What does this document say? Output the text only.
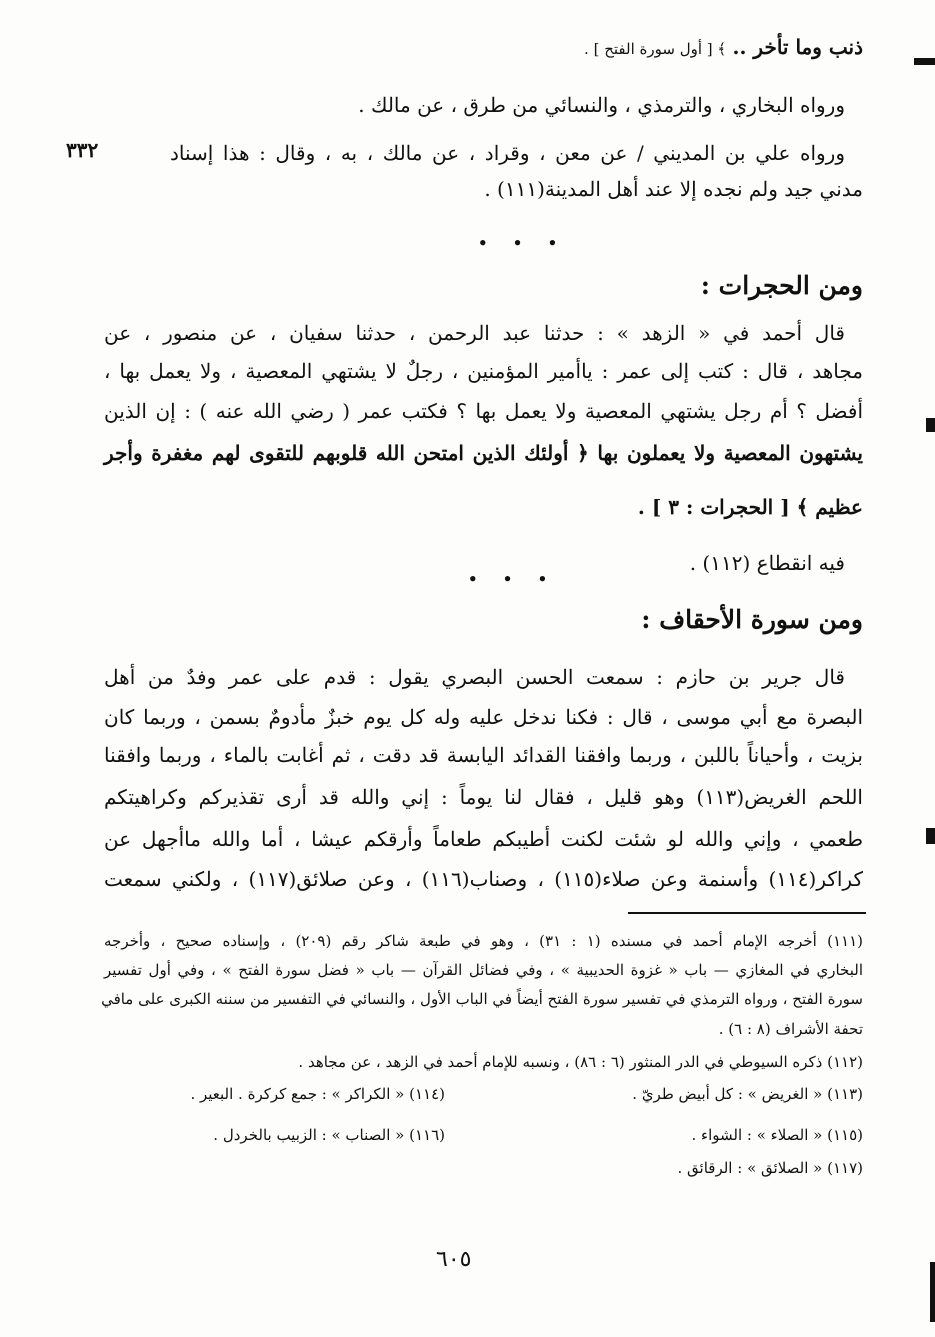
ذنب وما تأخر .. ﴾ [ أول سورة الفتح ] .
ورواه البخاري ، والترمذي ، والنسائي من طرق ، عن مالك .
ورواه علي بن المديني / عن معن ، وقراد ، عن مالك ، به ، وقال : هذا إسناد
٣٣٢
مدني جيد ولم نجده إلا عند أهل المدينة(١١١) .
• • •
ومن الحجرات :
قال أحمد في « الزهد » : حدثنا عبد الرحمن ، حدثنا سفيان ، عن منصور ، عن
مجاهد ، قال : كتب إلى عمر : ياأمير المؤمنين ، رجلٌ لا يشتهي المعصية ، ولا يعمل بها ،
أفضل ؟ أم رجل يشتهي المعصية ولا يعمل بها ؟ فكتب عمر ( رضي الله عنه ) : إن الذين
يشتهون المعصية ولا يعملون بها ﴿ أولئك الذين امتحن الله قلوبهم للتقوى لهم مغفرة وأجر
عظيم ﴾ [ الحجرات : ٣ ] .
فيه انقطاع (١١٢) .
• • •
ومن سورة الأحقاف :
قال جرير بن حازم : سمعت الحسن البصري يقول : قدم على عمر وفدٌ من أهل
البصرة مع أبي موسى ، قال : فكنا ندخل عليه وله كل يوم خبزٌ مأدومٌ بسمن ، وربما كان
بزيت ، وأحياناً باللبن ، وربما وافقنا القدائد اليابسة قد دقت ، ثم أغابت بالماء ، وربما وافقنا
اللحم الغريض(١١٣) وهو قليل ، فقال لنا يوماً : إني والله قد أرى تقذيركم وكراهيتكم
طعمي ، وإني والله لو شئت لكنت أطيبكم طعاماً وأرقكم عيشا ، أما والله ماأجهل عن
كراكر(١١٤) وأسنمة وعن صلاء(١١٥) ، وصناب(١١٦) ، وعن صلائق(١١٧) ، ولكني سمعت
(١١١) أخرجه الإمام أحمد في مسنده (١ : ٣١) ، وهو في طبعة شاكر رقم (٢٠٩) ، وإسناده صحيح ، وأخرجه
البخاري في المغازي — باب « غزوة الحديبية » ، وفي فضائل القرآن — باب « فضل سورة الفتح » ، وفي أول تفسير
سورة الفتح ، ورواه الترمذي في تفسير سورة الفتح أيضاً في الباب الأول ، والنسائي في التفسير من سننه الكبرى على مافي
تحفة الأشراف (٨ : ٦) .
(١١٢) ذكره السيوطي في الدر المنثور (٦ : ٨٦) ، ونسبه للإمام أحمد في الزهد ، عن مجاهد .
(١١٣) « الغريض » : كل أبيض طريّ .
(١١٤) « الكراكر » : جمع كركرة . البعير .
(١١٥) « الصلاء » : الشواء .
(١١٦) « الصناب » : الزبيب بالخردل .
(١١٧) « الصلائق » : الرقائق .
٦٠٥
